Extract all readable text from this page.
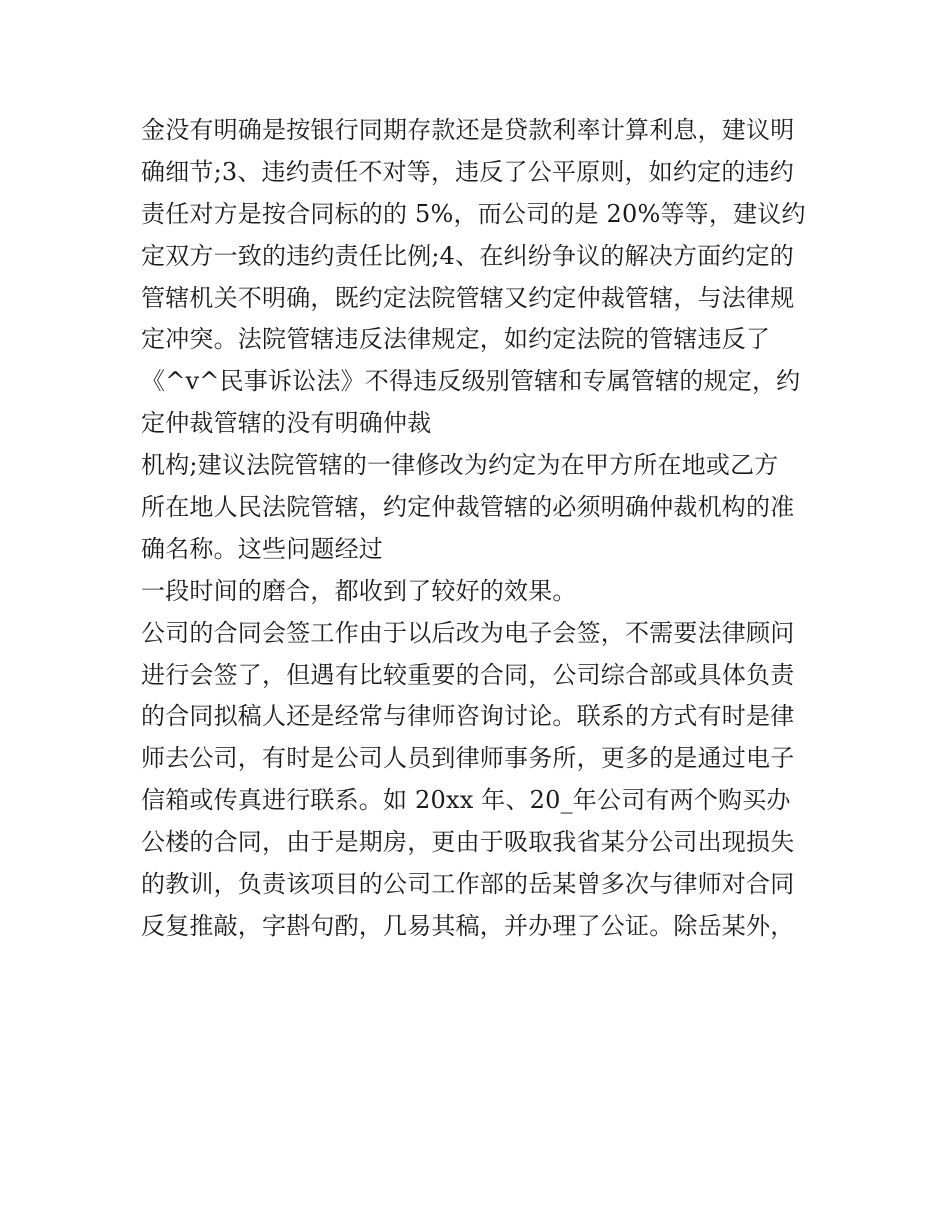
金没有明确是按银行同期存款还是贷款利率计算利息，建议明
确细节;3、违约责任不对等，违反了公平原则，如约定的违约
责任对方是按合同标的的 5%，而公司的是 20%等等，建议约
定双方一致的违约责任比例;4、在纠纷争议的解决方面约定的
管辖机关不明确，既约定法院管辖又约定仲裁管辖，与法律规
定冲突。法院管辖违反法律规定，如约定法院的管辖违反了
《^v^民事诉讼法》不得违反级别管辖和专属管辖的规定，约
定仲裁管辖的没有明确仲裁
机构;建议法院管辖的一律修改为约定为在甲方所在地或乙方
所在地人民法院管辖，约定仲裁管辖的必须明确仲裁机构的准
确名称。这些问题经过
一段时间的磨合，都收到了较好的效果。
公司的合同会签工作由于以后改为电子会签，不需要法律顾问
进行会签了，但遇有比较重要的合同，公司综合部或具体负责
的合同拟稿人还是经常与律师咨询讨论。联系的方式有时是律
师去公司，有时是公司人员到律师事务所，更多的是通过电子
信箱或传真进行联系。如 20xx 年、20_年公司有两个购买办
公楼的合同，由于是期房，更由于吸取我省某分公司出现损失
的教训，负责该项目的公司工作部的岳某曾多次与律师对合同
反复推敲，字斟句酌，几易其稿，并办理了公证。除岳某外，
